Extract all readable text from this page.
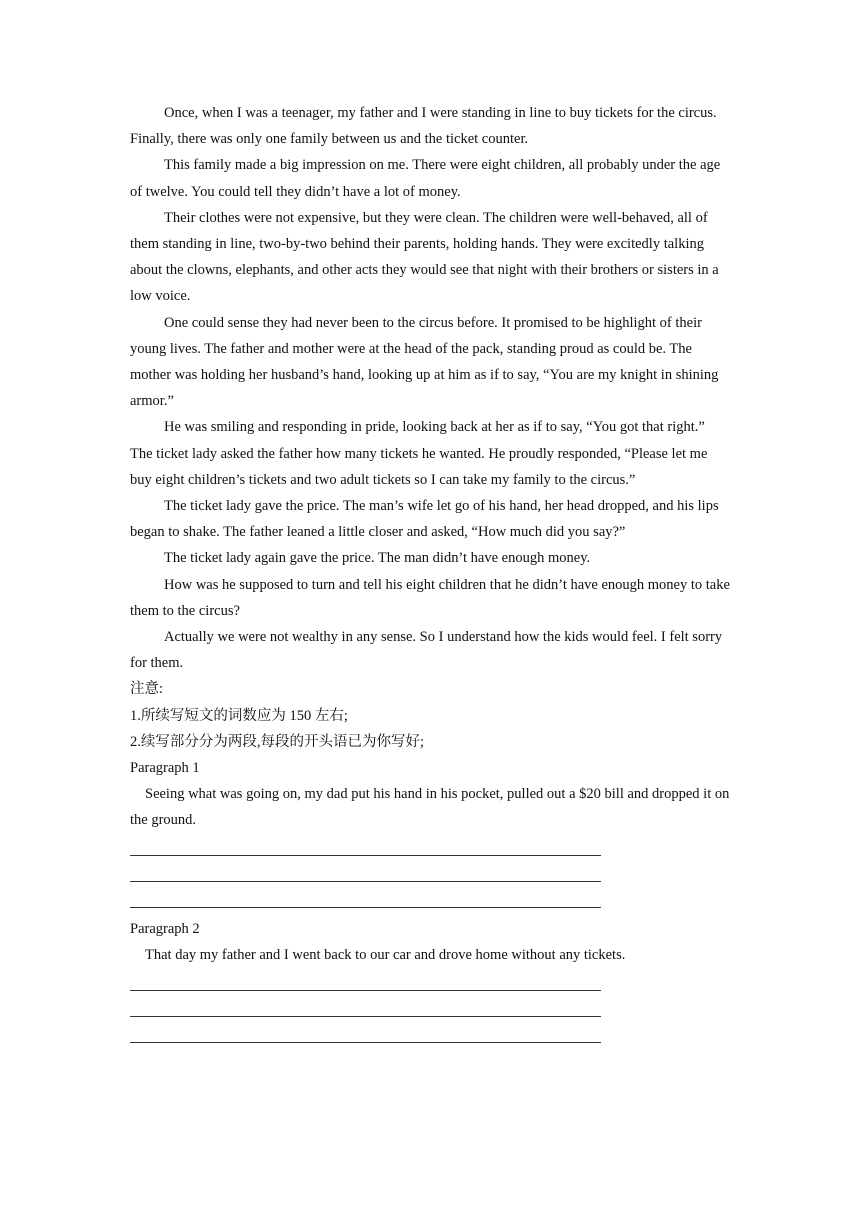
Once, when I was a teenager, my father and I were standing in line to buy tickets for the circus. Finally, there was only one family between us and the ticket counter.

This family made a big impression on me. There were eight children, all probably under the age of twelve. You could tell they didn’t have a lot of money.

Their clothes were not expensive, but they were clean. The children were well-behaved, all of them standing in line, two-by-two behind their parents, holding hands. They were excitedly talking about the clowns, elephants, and other acts they would see that night with their brothers or sisters in a low voice.

One could sense they had never been to the circus before. It promised to be highlight of their young lives. The father and mother were at the head of the pack, standing proud as could be. The mother was holding her husband’s hand, looking up at him as if to say, “You are my knight in shining armor.”

He was smiling and responding in pride, looking back at her as if to say, “You got that right.” The ticket lady asked the father how many tickets he wanted. He proudly responded, “Please let me buy eight children’s tickets and two adult tickets so I can take my family to the circus.”

The ticket lady gave the price. The man’s wife let go of his hand, her head dropped, and his lips began to shake. The father leaned a little closer and asked, “How much did you say?”

The ticket lady again gave the price. The man didn’t have enough money.

How was he supposed to turn and tell his eight children that he didn’t have enough money to take them to the circus?

Actually we were not wealthy in any sense. So I understand how the kids would feel. I felt sorry for them.

注意:

1.所续写短文的词数应为 150 左右;

2.续写部分分为两段,每段的开头语已为你写好;

Paragraph 1

Seeing what was going on, my dad put his hand in his pocket, pulled out a $20 bill and dropped it on the ground.

Paragraph 2

That day my father and I went back to our car and drove home without any tickets.
